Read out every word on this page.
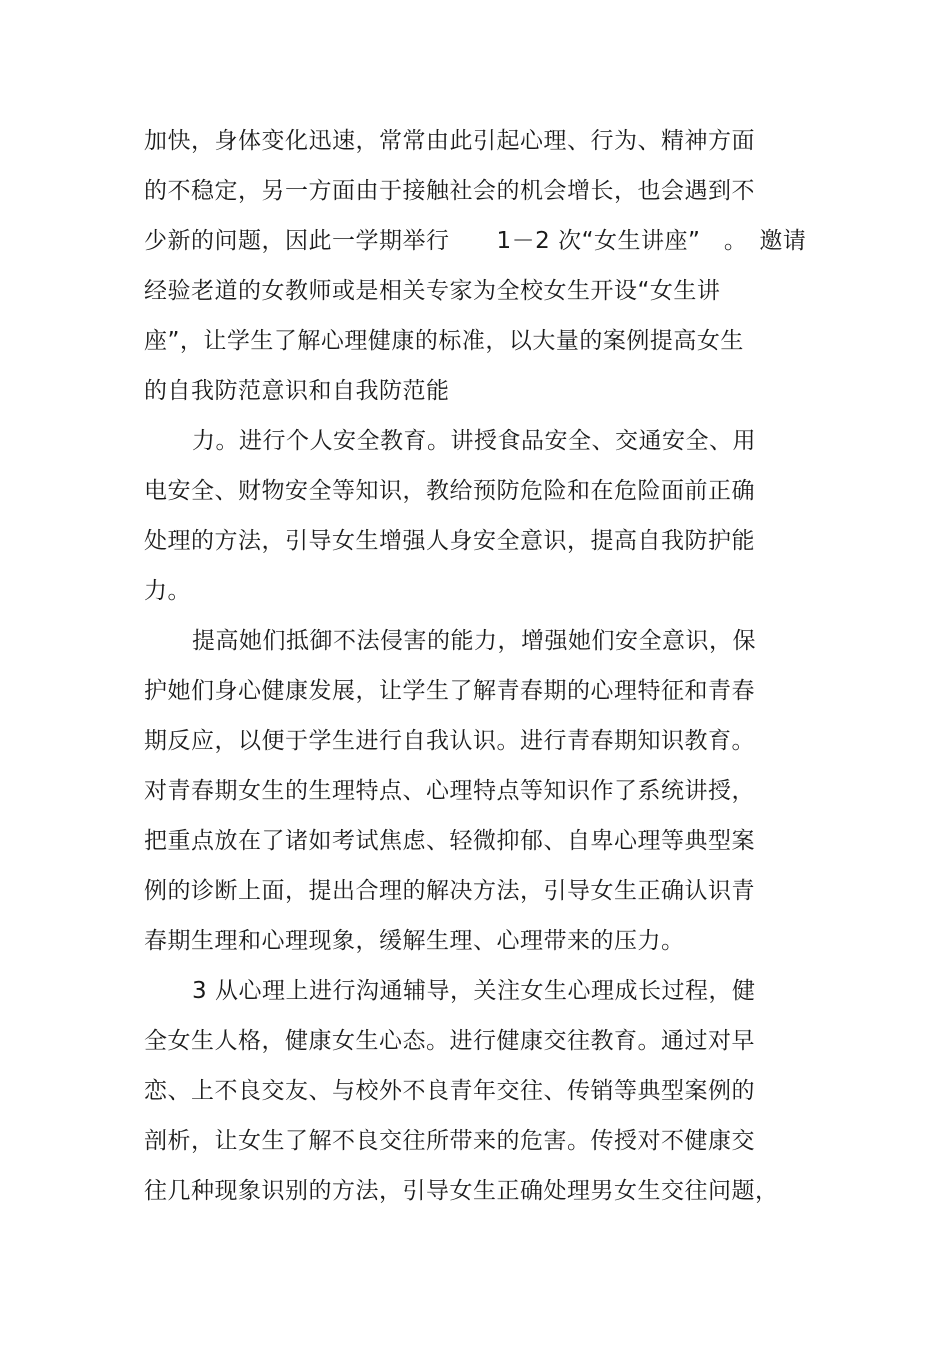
加快，身体变化迅速，常常由此引起心理、行为、精神方面
的不稳定，另一方面由于接触社会的机会增长，也会遇到不
少新的问题，因此一学期举行　　1－2 次“女生讲座”　。　邀请
经验老道的女教师或是相关专家为全校女生开设“女生讲
座”，让学生了解心理健康的标准，以大量的案例提高女生
的自我防范意识和自我防范能
力。进行个人安全教育。讲授食品安全、交通安全、用
电安全、财物安全等知识，教给预防危险和在危险面前正确
处理的方法，引导女生增强人身安全意识，提高自我防护能
力。
提高她们抵御不法侵害的能力，增强她们安全意识，保
护她们身心健康发展，让学生了解青春期的心理特征和青春
期反应，以便于学生进行自我认识。进行青春期知识教育。
对青春期女生的生理特点、心理特点等知识作了系统讲授，
把重点放在了诸如考试焦虑、轻微抑郁、自卑心理等典型案
例的诊断上面，提出合理的解决方法，引导女生正确认识青
春期生理和心理现象，缓解生理、心理带来的压力。
3 从心理上进行沟通辅导，关注女生心理成长过程，健
全女生人格，健康女生心态。进行健康交往教育。通过对早
恋、上不良交友、与校外不良青年交往、传销等典型案例的
剖析，让女生了解不良交往所带来的危害。传授对不健康交
往几种现象识别的方法，引导女生正确处理男女生交往问题，
